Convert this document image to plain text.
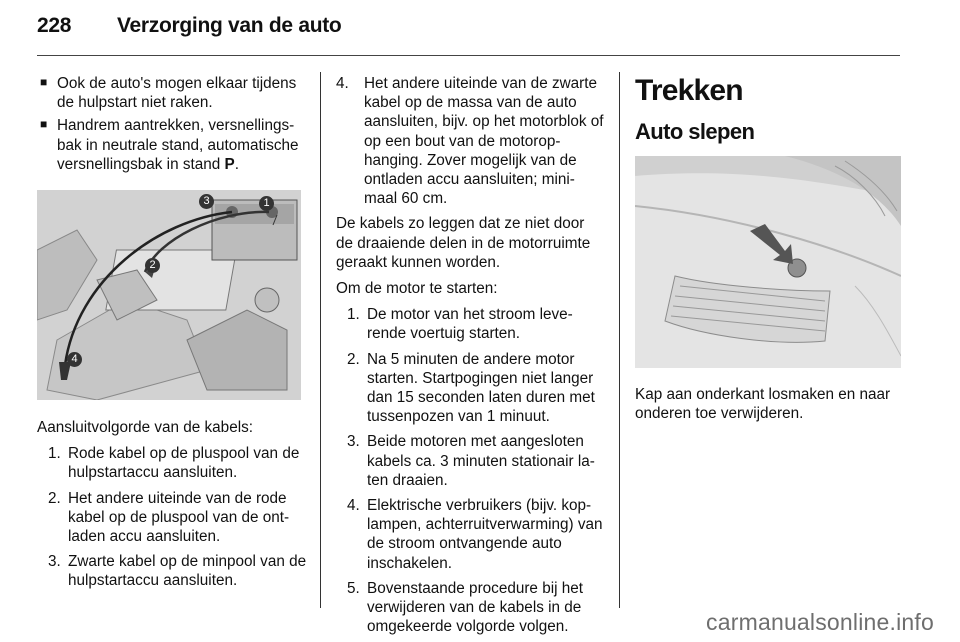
228 Verzorging van de auto
■ Ook de auto's mogen elkaar tijdens de hulpstart niet raken.
■ Handrem aantrekken, versnellings-bak in neutrale stand, automatische versnellingsbak in stand P.
1
2
3
4

Aansluitvolgorde van de kabels:

1. Rode kabel op de pluspool van de hulpstartaccu aansluiten.
2. Het andere uiteinde van de rode kabel op de pluspool van de ont-laden accu aansluiten.
3. Zwarte kabel op de minpool van de hulpstartaccu aansluiten.
4. Het andere uiteinde van de zwarte kabel op de massa van de auto aansluiten, bijv. op het motorblok of op een bout van de motorop-hanging. Zover mogelijk van de ontladen accu aansluiten; mini-maal 60 cm.

De kabels zo leggen dat ze niet door de draaiende delen in de motorruimte geraakt kunnen worden.

Om de motor te starten:

1. De motor van het stroom leve-rende voertuig starten.
2. Na 5 minuten de andere motor starten. Startpogingen niet langer dan 15 seconden laten duren met tussenpozen van 1 minuut.
3. Beide motoren met aangesloten kabels ca. 3 minuten stationair la-ten draaien.
4. Elektrische verbruikers (bijv. kop-lampen, achterruitverwarming) van de stroom ontvangende auto inschakelen.
5. Bovenstaande procedure bij het verwijderen van de kabels in de omgekeerde volgorde volgen.
Trekken
Auto slepen

Kap aan onderkant losmaken en naar onderen toe verwijderen.

carmanualsonline.info
